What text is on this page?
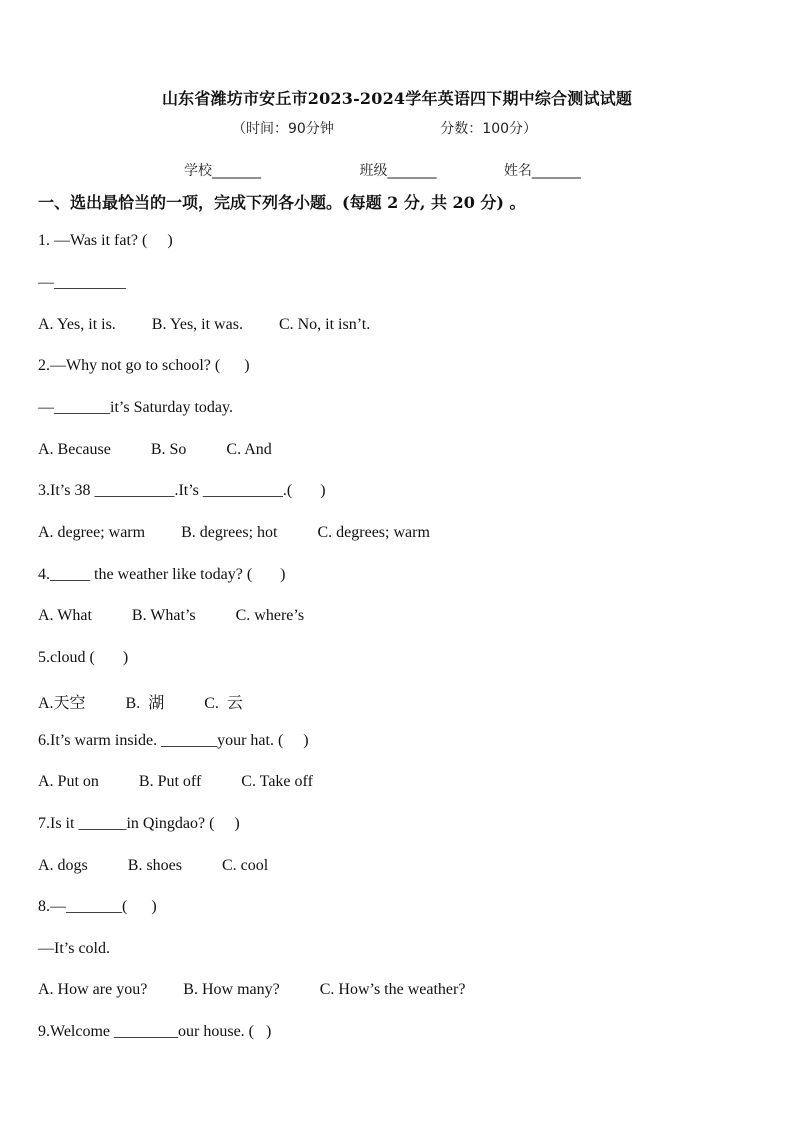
山东省潍坊市安丘市2023-2024学年英语四下期中综合测试试题
（时间：90分钟	分数：100分）
学校_______	班级_______	姓名_______
一、选出最恰当的一项，完成下列各小题。(每题 2 分, 共 20 分) 。
1. —Was it fat? (     )
—_________
A. Yes, it is.         B. Yes, it was.         C. No, it isn’t.
2.—Why not go to school? (      )
—_______it’s Saturday today.
A. Because          B. So          C. And
3.It’s 38 __________.It’s __________.(       )
A. degree; warm         B. degrees; hot          C. degrees; warm
4._____ the weather like today? (       )
A. What          B. What’s          C. where’s
5.cloud (       )
A.天空          B.  湖          C.  云
6.It’s warm inside. _______your hat. (     )
A. Put on          B. Put off          C. Take off
7.Is it ______in Qingdao? (     )
A. dogs          B. shoes          C. cool
8.—_______(      )
—It’s cold.
A. How are you?         B. How many?          C. How’s the weather?
9.Welcome ________our house. (   )
